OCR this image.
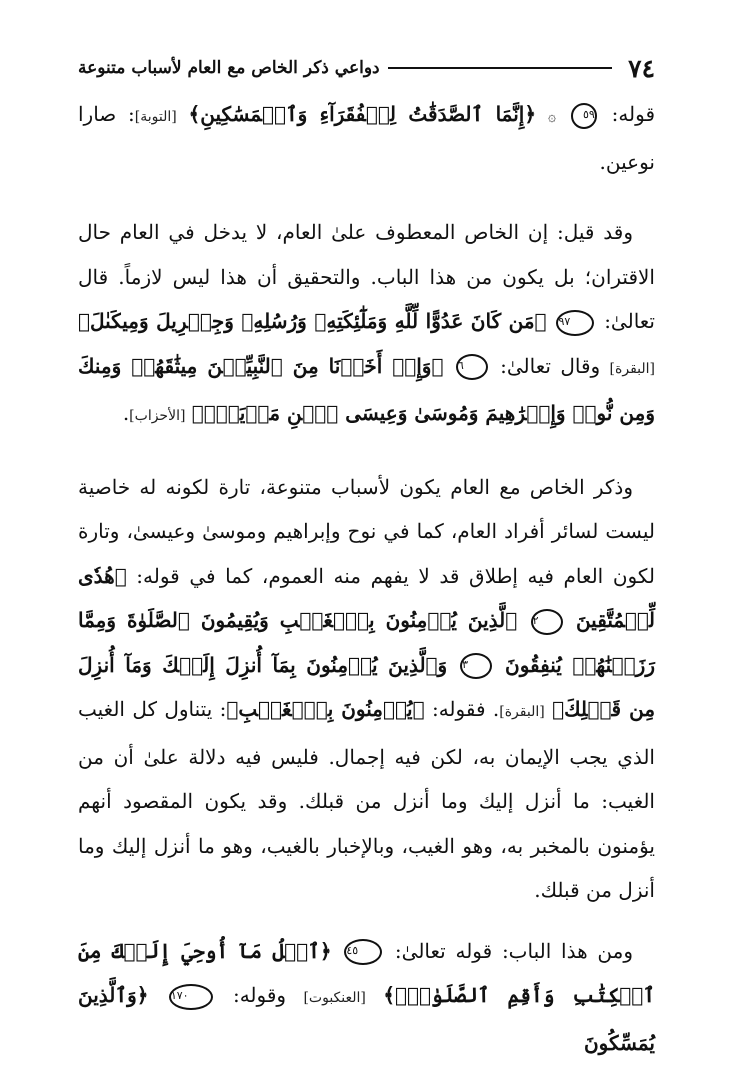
٧٤
دواعي ذكر الخاص مع العام لأسباب متنوعة

قوله: ٥٩ ۞ ﴿إِنَّمَا ٱلصَّدَقَٰتُ لِلۡفُقَرَآءِ وَٱلۡمَسَٰكِينِ﴾ [التوبة]: صارا نوعين.

وقد قيل: إن الخاص المعطوف علىٰ العام، لا يدخل في العام حال الاقتران؛ بل يكون من هذا الباب. والتحقيق أن هذا ليس لازماً. قال تعالىٰ: ٩٧ ﴿مَن كَانَ عَدُوًّا لِّلَّهِ وَمَلَٰٓئِكَتِهِۦ وَرُسُلِهِۦ وَجِبۡرِيلَ وَمِيكَىٰلَ﴾ [البقرة] وقال تعالىٰ: ٦ ﴿وَإِذۡ أَخَذۡنَا مِنَ ٱلنَّبِيِّـۧنَ مِيثَٰقَهُمۡ وَمِنكَ وَمِن نُّوحٖ وَإِبۡرَٰهِيمَ وَمُوسَىٰ وَعِيسَى ٱبۡنِ مَرۡيَمَۖ﴾ [الأحزاب].

وذكر الخاص مع العام يكون لأسباب متنوعة، تارة لكونه له خاصية ليست لسائر أفراد العام، كما في نوح وإبراهيم وموسىٰ وعيسىٰ، وتارة لكون العام فيه إطلاق قد لا يفهم منه العموم، كما في قوله: ﴿هُدٗى لِّلۡمُتَّقِينَ ٢ ٱلَّذِينَ يُؤۡمِنُونَ بِٱلۡغَيۡبِ وَيُقِيمُونَ ٱلصَّلَوٰةَ وَمِمَّا رَزَقۡنَٰهُمۡ يُنفِقُونَ ٣ وَٱلَّذِينَ يُؤۡمِنُونَ بِمَآ أُنزِلَ إِلَيۡكَ وَمَآ أُنزِلَ مِن قَبۡلِكَ﴾ [البقرة]. فقوله: ﴿يُؤۡمِنُونَ بِٱلۡغَيۡبِ﴾: يتناول كل الغيب الذي يجب الإيمان به، لكن فيه إجمال. فليس فيه دلالة علىٰ أن من الغيب: ما أنزل إليك وما أنزل من قبلك. وقد يكون المقصود أنهم يؤمنون بالمخبر به، وهو الغيب، وبالإخبار بالغيب، وهو ما أنزل إليك وما أنزل من قبلك.

ومن هذا الباب: قوله تعالىٰ: ٤٥ ﴿ٱتۡلُ مَآ أُوحِيَ إِلَيۡكَ مِنَ ٱلۡكِتَٰبِ وَأَقِمِ ٱلصَّلَوٰةَۖ﴾ [العنكبوت] وقوله: ١٧٠ ﴿وَٱلَّذِينَ يُمَسِّكُونَ
